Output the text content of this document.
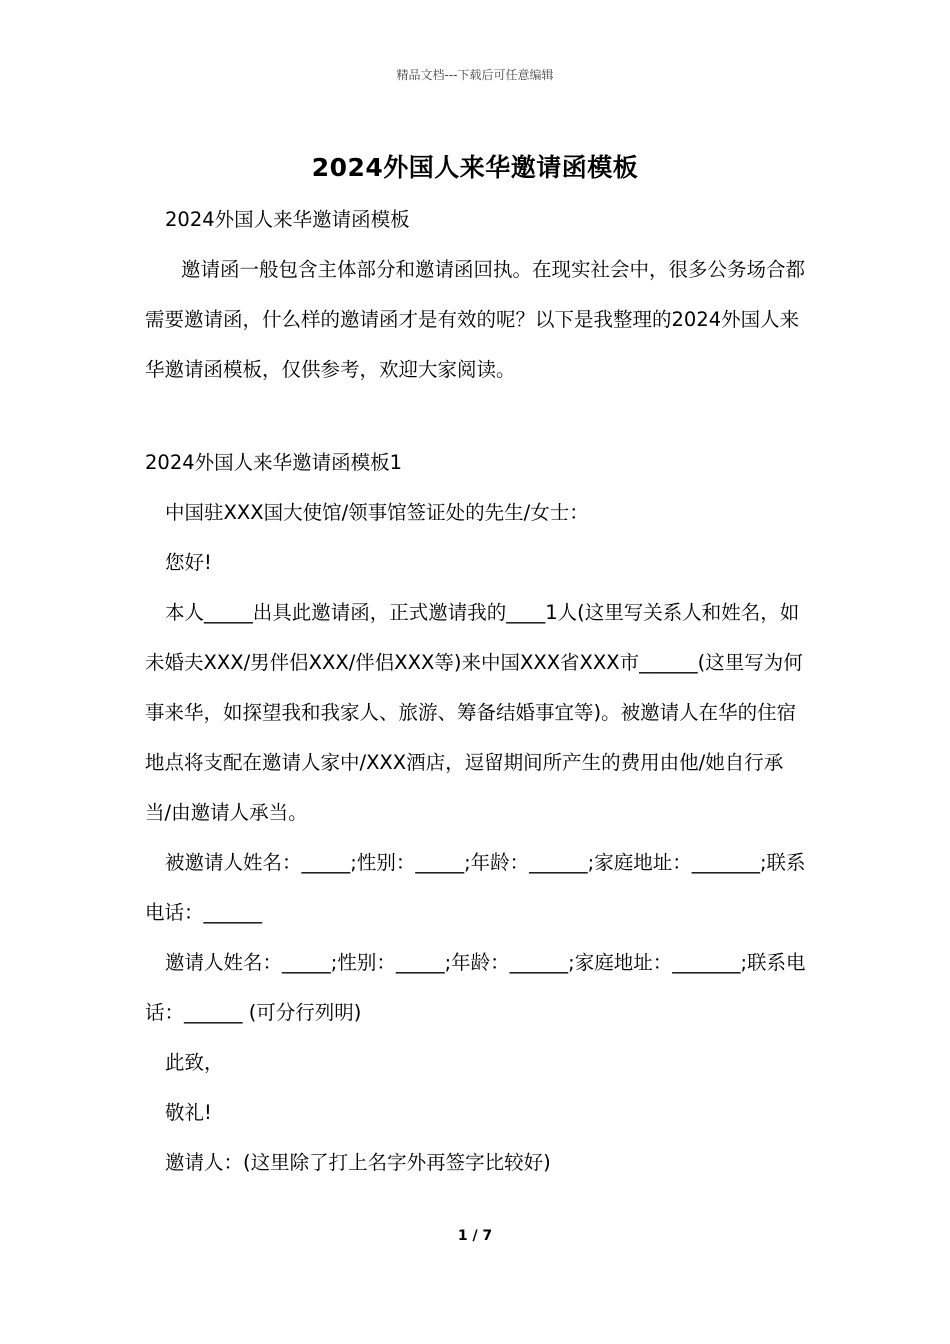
精品文档---下载后可任意编辑
2024外国人来华邀请函模板

2024外国人来华邀请函模板

邀请函一般包含主体部分和邀请函回执。在现实社会中，很多公务场合都需要邀请函，什么样的邀请函才是有效的呢？以下是我整理的2024外国人来华邀请函模板，仅供参考，欢迎大家阅读。

2024外国人来华邀请函模板1

中国驻XXX国大使馆/领事馆签证处的先生/女士：

您好!

本人_____出具此邀请函，正式邀请我的____1人(这里写关系人和姓名，如未婚夫XXX/男伴侣XXX/伴侣XXX等)来中国XXX省XXX市______(这里写为何事来华，如探望我和我家人、旅游、筹备结婚事宜等)。被邀请人在华的住宿地点将支配在邀请人家中/XXX酒店，逗留期间所产生的费用由他/她自行承当/由邀请人承当。

被邀请人姓名：_____;性别：_____;年龄：______;家庭地址：_______;联系电话：______

邀请人姓名：_____;性别：_____;年龄：______;家庭地址：_______;联系电话：______ (可分行列明)

此致，

敬礼!

邀请人：(这里除了打上名字外再签字比较好)

1 / 7
